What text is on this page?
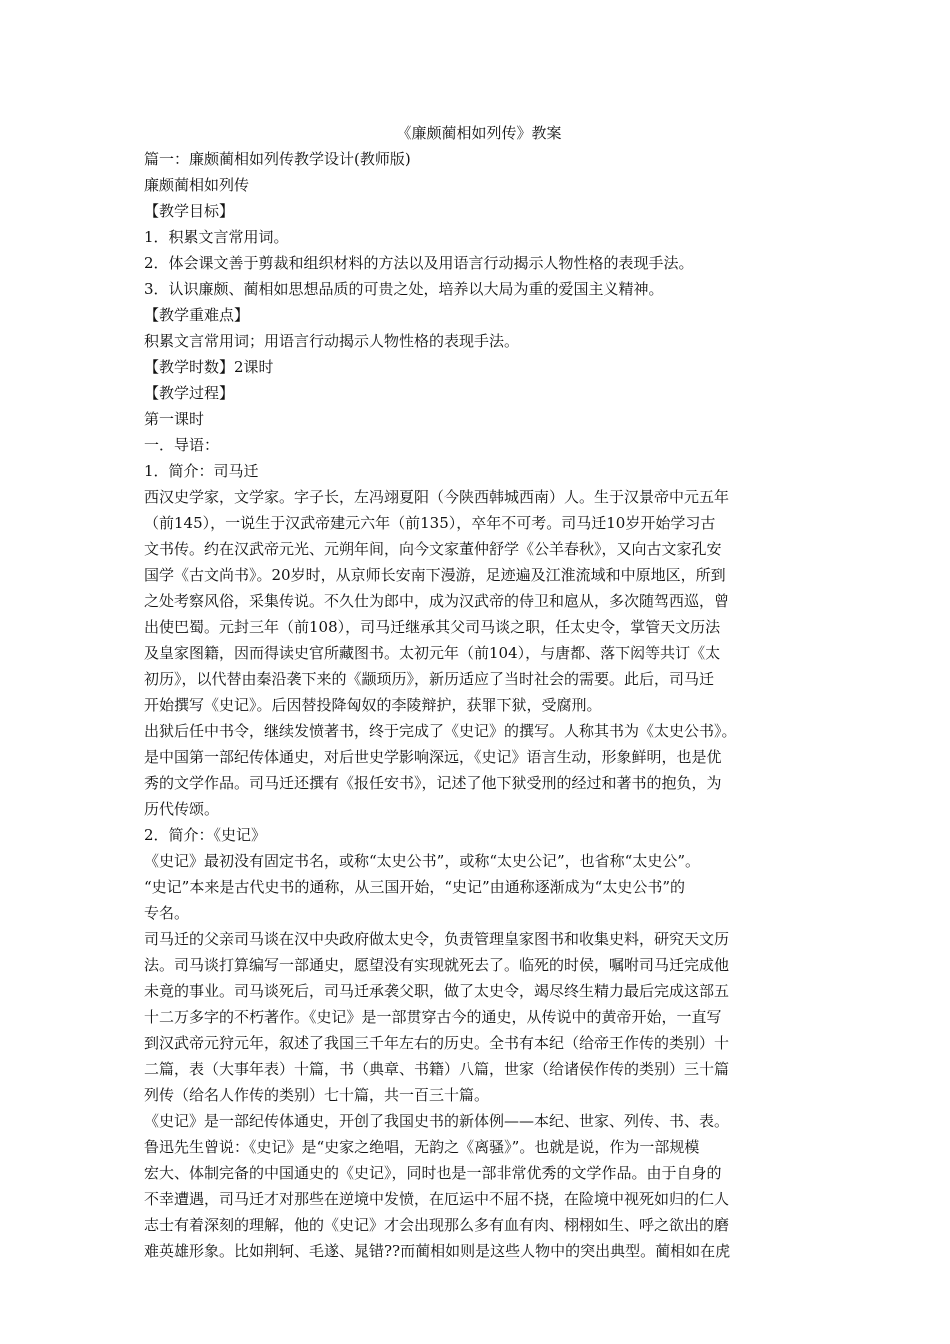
《廉颇蔺相如列传》教案

篇一：廉颇蔺相如列传教学设计(教师版)

廉颇蔺相如列传

【教学目标】

1．积累文言常用词。

2．体会课文善于剪裁和组织材料的方法以及用语言行动揭示人物性格的表现手法。

3．认识廉颇、蔺相如思想品质的可贵之处，培养以大局为重的爱国主义精神。

【教学重难点】

积累文言常用词；用语言行动揭示人物性格的表现手法。

【教学时数】2课时

【教学过程】

第一课时

一．导语：

1．简介：司马迁

西汉史学家，文学家。字子长，左冯翊夏阳（今陕西韩城西南）人。生于汉景帝中元五年
（前145），一说生于汉武帝建元六年（前135），卒年不可考。司马迁10岁开始学习古
文书传。约在汉武帝元光、元朔年间，向今文家董仲舒学《公羊春秋》，又向古文家孔安
国学《古文尚书》。20岁时，从京师长安南下漫游，足迹遍及江淮流域和中原地区，所到
之处考察风俗，采集传说。不久仕为郎中，成为汉武帝的侍卫和扈从，多次随驾西巡，曾
出使巴蜀。元封三年（前108），司马迁继承其父司马谈之职，任太史令，掌管天文历法
及皇家图籍，因而得读史官所藏图书。太初元年（前104），与唐都、落下闳等共订《太
初历》，以代替由秦沿袭下来的《颛顼历》，新历适应了当时社会的需要。此后，司马迁
开始撰写《史记》。后因替投降匈奴的李陵辩护，获罪下狱，受腐刑。
出狱后任中书令，继续发愤著书，终于完成了《史记》的撰写。人称其书为《太史公书》。
是中国第一部纪传体通史，对后世史学影响深远，《史记》语言生动，形象鲜明，也是优
秀的文学作品。司马迁还撰有《报任安书》，记述了他下狱受刑的经过和著书的抱负，为
历代传颂。

2．简介：《史记》

《史记》最初没有固定书名，或称“太史公书”，或称“太史公记”，也省称“太史公”。
“史记”本来是古代史书的通称，从三国开始，“史记”由通称逐渐成为“太史公书”的
专名。
司马迁的父亲司马谈在汉中央政府做太史令，负责管理皇家图书和收集史料，研究天文历
法。司马谈打算编写一部通史，愿望没有实现就死去了。临死的时侯，嘱咐司马迁完成他
未竟的事业。司马谈死后，司马迁承袭父职，做了太史令，竭尽终生精力最后完成这部五
十二万多字的不朽著作。《史记》是一部贯穿古今的通史，从传说中的黄帝开始，一直写
到汉武帝元狩元年，叙述了我国三千年左右的历史。全书有本纪（给帝王作传的类别）十
二篇，表（大事年表）十篇，书（典章、书籍）八篇，世家（给诸侯作传的类别）三十篇
列传（给名人作传的类别）七十篇，共一百三十篇。
《史记》是一部纪传体通史，开创了我国史书的新体例——本纪、世家、列传、书、表。
鲁迅先生曾说：《史记》是“史家之绝唱，无韵之《离骚》”。也就是说，作为一部规模
宏大、体制完备的中国通史的《史记》，同时也是一部非常优秀的文学作品。由于自身的
不幸遭遇，司马迁才对那些在逆境中发愤，在厄运中不屈不挠，在险境中视死如归的仁人
志士有着深刻的理解，他的《史记》才会出现那么多有血有肉、栩栩如生、呼之欲出的磨
难英雄形象。比如荆轲、毛遂、晁错??而蔺相如则是这些人物中的突出典型。蔺相如在虎
